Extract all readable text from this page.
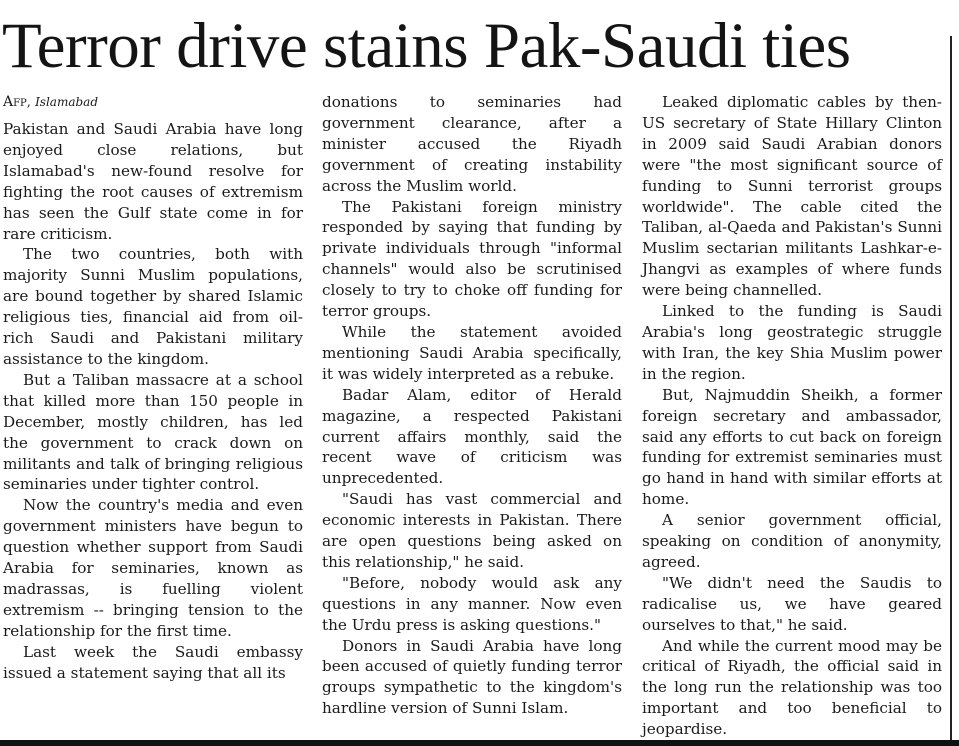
Terror drive stains Pak-Saudi ties
Afp, Islamabad

Pakistan and Saudi Arabia have long enjoyed close relations, but Islamabad's new-found resolve for fighting the root causes of extremism has seen the Gulf state come in for rare criticism.

The two countries, both with majority Sunni Muslim populations, are bound together by shared Islamic religious ties, financial aid from oil-rich Saudi and Pakistani military assistance to the kingdom.

But a Taliban massacre at a school that killed more than 150 people in December, mostly children, has led the government to crack down on militants and talk of bringing religious seminaries under tighter control.

Now the country's media and even government ministers have begun to question whether support from Saudi Arabia for seminaries, known as madrassas, is fuelling violent extremism -- bringing tension to the relationship for the first time.

Last week the Saudi embassy issued a statement saying that all its

donations to seminaries had government clearance, after a minister accused the Riyadh government of creating instability across the Muslim world.

The Pakistani foreign ministry responded by saying that funding by private individuals through "informal channels" would also be scrutinised closely to try to choke off funding for terror groups.

While the statement avoided mentioning Saudi Arabia specifically, it was widely interpreted as a rebuke.

Badar Alam, editor of Herald magazine, a respected Pakistani current affairs monthly, said the recent wave of criticism was unprecedented.

"Saudi has vast commercial and economic interests in Pakistan. There are open questions being asked on this relationship," he said.

"Before, nobody would ask any questions in any manner. Now even the Urdu press is asking questions."

Donors in Saudi Arabia have long been accused of quietly funding terror groups sympathetic to the kingdom's hardline version of Sunni Islam.

Leaked diplomatic cables by then-US secretary of State Hillary Clinton in 2009 said Saudi Arabian donors were "the most significant source of funding to Sunni terrorist groups worldwide". The cable cited the Taliban, al-Qaeda and Pakistan's Sunni Muslim sectarian militants Lashkar-e-Jhangvi as examples of where funds were being channelled.

Linked to the funding is Saudi Arabia's long geostrategic struggle with Iran, the key Shia Muslim power in the region.

But, Najmuddin Sheikh, a former foreign secretary and ambassador, said any efforts to cut back on foreign funding for extremist seminaries must go hand in hand with similar efforts at home.

A senior government official, speaking on condition of anonymity, agreed.

"We didn't need the Saudis to radicalise us, we have geared ourselves to that," he said.

And while the current mood may be critical of Riyadh, the official said in the long run the relationship was too important and too beneficial to jeopardise.
